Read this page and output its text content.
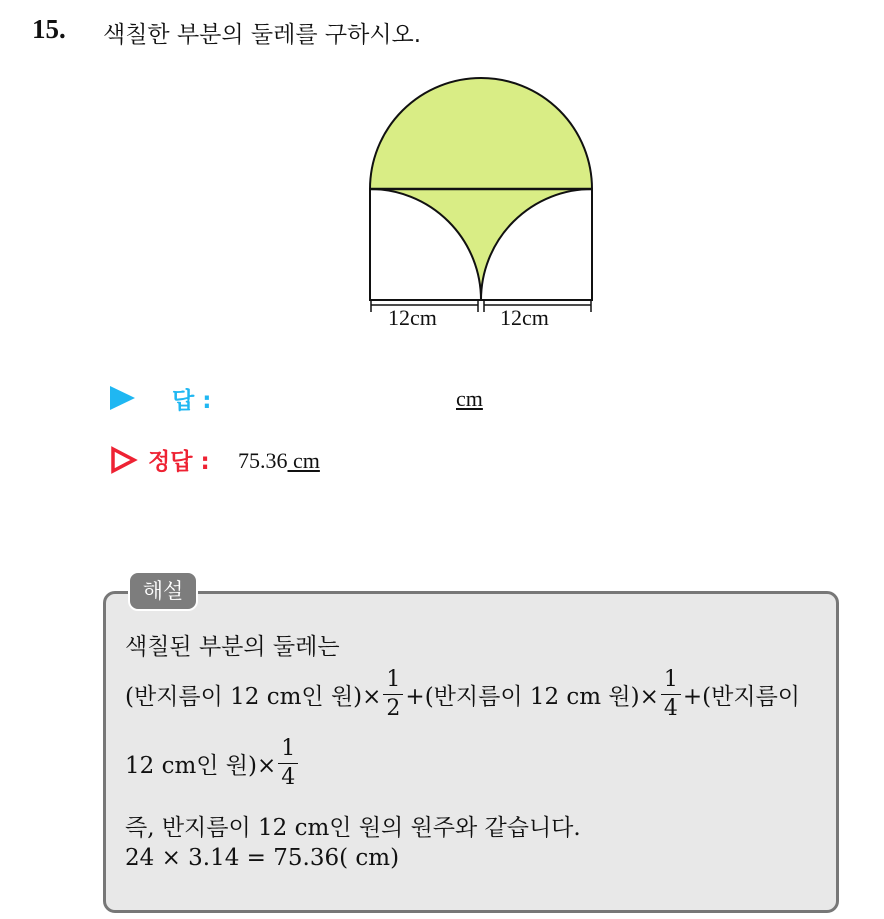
15. 색칠한 부분의 둘레를 구하시오.
12cm	12cm
답 :	cm
정답 : 75.36 cm
해설
색칠된 부분의 둘레는
(반지름이 12 cm인 원)× $\frac{1}{2}$ +(반지름이 12 cm 원)× $\frac{1}{4}$ +(반지름이
12 cm인 원)× $\frac{1}{4}$
즉, 반지름이 12 cm인 원의 원주와 같습니다.
24 × 3.14 = 75.36( cm)
